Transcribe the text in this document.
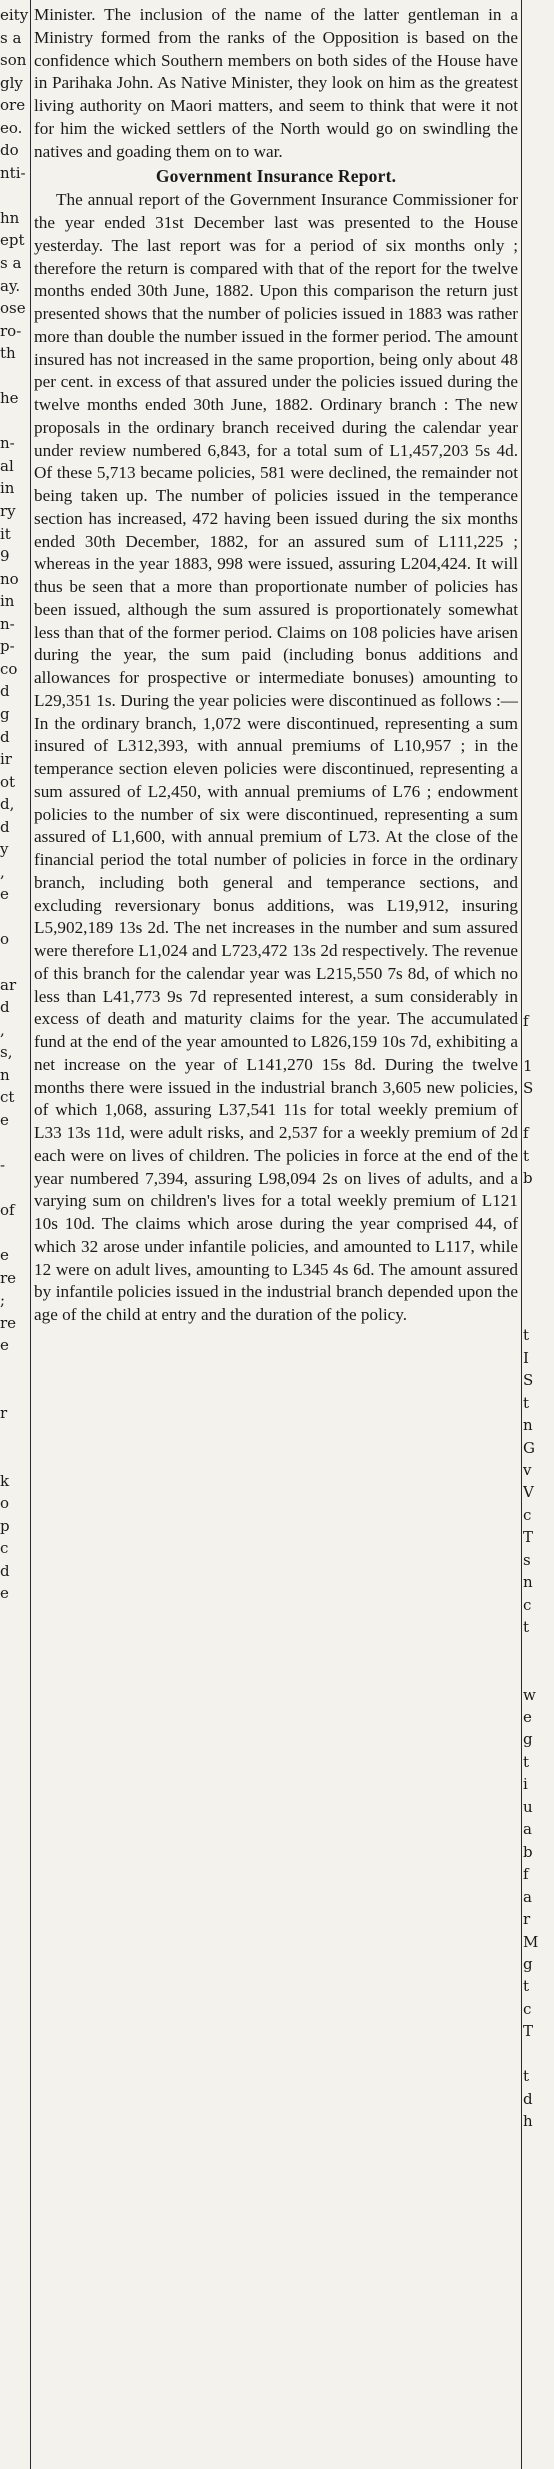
eity
s a
son
gly
ore
eo.
do
nti-

hn
ept
s a
ay.
ose
ro-
th

he

n-
al
in
ry
it
9
no
in
n-
p-
co
d
g
d
ir
ot
d,
d
y
,
e

o

ar
d
,
s,
n
ct
e

-

of

e
re
;
re
e

r

k
o
p
c
d
e

Minister. The inclusion of the name of the latter gentleman in a Ministry formed from the ranks of the Opposition is based on the confidence which Southern members on both sides of the House have in Parihaka John. As Native Minister, they look on him as the greatest living authority on Maori matters, and seem to think that were it not for him the wicked settlers of the North would go on swindling the natives and goading them on to war.

Government Insurance Report.

The annual report of the Government Insurance Commissioner for the year ended 31st December last was presented to the House yesterday. The last report was for a period of six months only ; therefore the return is compared with that of the report for the twelve months ended 30th June, 1882. Upon this comparison the return just presented shows that the number of policies issued in 1883 was rather more than double the number issued in the former period. The amount insured has not increased in the same proportion, being only about 48 per cent. in excess of that assured under the policies issued during the twelve months ended 30th June, 1882. Ordinary branch : The new proposals in the ordinary branch received during the calendar year under review numbered 6,843, for a total sum of L1,457,203 5s 4d. Of these 5,713 became policies, 581 were declined, the remainder not being taken up. The number of policies issued in the temperance section has increased, 472 having been issued during the six months ended 30th December, 1882, for an assured sum of L111,225 ; whereas in the year 1883, 998 were issued, assuring L204,424. It will thus be seen that a more than proportionate number of policies has been issued, although the sum assured is proportionately somewhat less than that of the former period. Claims on 108 policies have arisen during the year, the sum paid (including bonus additions and allowances for prospective or intermediate bonuses) amounting to L29,351 1s. During the year policies were discontinued as follows :—In the ordinary branch, 1,072 were discontinued, representing a sum insured of L312,393, with annual premiums of L10,957 ; in the temperance section eleven policies were discontinued, representing a sum assured of L2,450, with annual premiums of L76 ; endowment policies to the number of six were discontinued, representing a sum assured of L1,600, with annual premium of L73. At the close of the financial period the total number of policies in force in the ordinary branch, including both general and temperance sections, and excluding reversionary bonus additions, was L19,912, insuring L5,902,189 13s 2d. The net increases in the number and sum assured were therefore L1,024 and L723,472 13s 2d respectively. The revenue of this branch for the calendar year was L215,550 7s 8d, of which no less than L41,773 9s 7d represented interest, a sum considerably in excess of death and maturity claims for the year. The accumulated fund at the end of the year amounted to L826,159 10s 7d, exhibiting a net increase on the year of L141,270 15s 8d. During the twelve months there were issued in the industrial branch 3,605 new policies, of which 1,068, assuring L37,541 11s for total weekly premium of L33 13s 11d, were adult risks, and 2,537 for a weekly premium of 2d each were on lives of children. The policies in force at the end of the year numbered 7,394, assuring L98,094 2s on lives of adults, and a varying sum on children's lives for a total weekly premium of L121 10s 10d. The claims which arose during the year comprised 44, of which 32 arose under infantile policies, and amounted to L117, while 12 were on adult lives, amounting to L345 4s 6d. The amount assured by infantile policies issued in the industrial branch depended upon the age of the child at entry and the duration of the policy.

f

1
S

f
t
b

t
I
S
t
n
G
v
V
c
T
s
n
c
t

w
e
g
t
i
u
a
b
f
a
r
M
g
t
c
T

t
d
h
